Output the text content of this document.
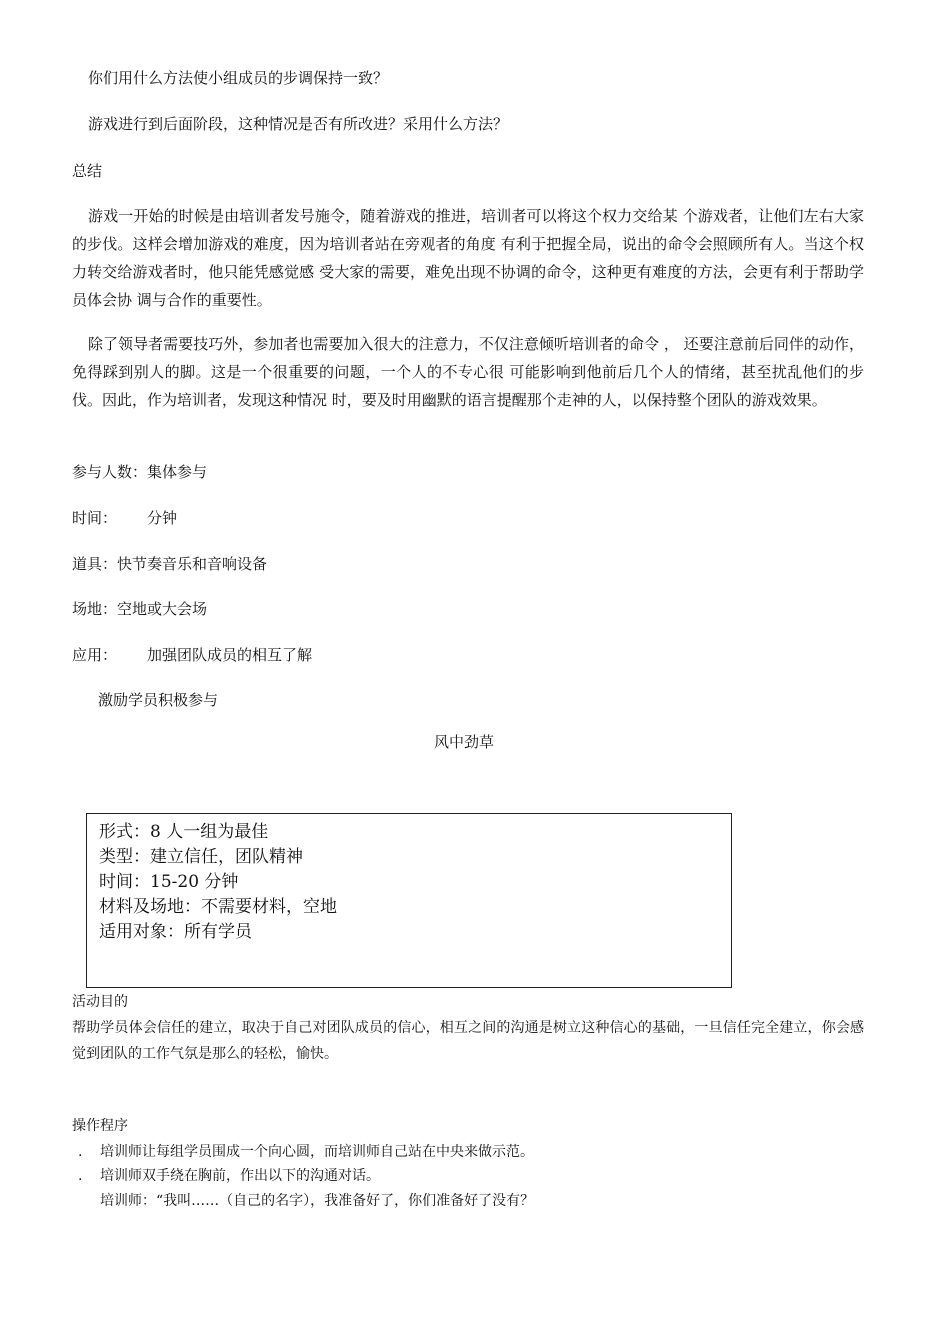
你们用什么方法使小组成员的步调保持一致？
游戏进行到后面阶段，这种情况是否有所改进？采用什么方法？
总结
游戏一开始的时候是由培训者发号施令，随着游戏的推进，培训者可以将这个权力交给某 个游戏者，让他们左右大家的步伐。这样会增加游戏的难度，因为培训者站在旁观者的角度 有利于把握全局，说出的命令会照顾所有人。当这个权力转交给游戏者时，他只能凭感觉感 受大家的需要，难免出现不协调的命令，这种更有难度的方法，会更有利于帮助学员体会协 调与合作的重要性。
除了领导者需要技巧外，参加者也需要加入很大的注意力，不仅注意倾听培训者的命令 ， 还要注意前后同伴的动作，免得踩到别人的脚。这是一个很重要的问题，一个人的不专心很 可能影响到他前后几个人的情绪，甚至扰乱他们的步伐。因此，作为培训者，发现这种情况 时，要及时用幽默的语言提醒那个走神的人，以保持整个团队的游戏效果。
参与人数：集体参与
时间： 分钟
道具：快节奏音乐和音响设备
场地：空地或大会场
应用： 加强团队成员的相互了解
激励学员积极参与
风中劲草
形式：8 人一组为最佳
类型：建立信任，团队精神
时间：15-20 分钟
材料及场地：不需要材料，空地
适用对象：所有学员
活动目的
帮助学员体会信任的建立，取决于自己对团队成员的信心，相互之间的沟通是树立这种信心的基础，一旦信任完全建立，你会感觉到团队的工作气氛是那么的轻松，愉快。
操作程序
. 培训师让每组学员围成一个向心圆，而培训师自己站在中央来做示范。
. 培训师双手绕在胸前，作出以下的沟通对话。
培训师：“我叫……（自己的名字），我准备好了，你们准备好了没有？
